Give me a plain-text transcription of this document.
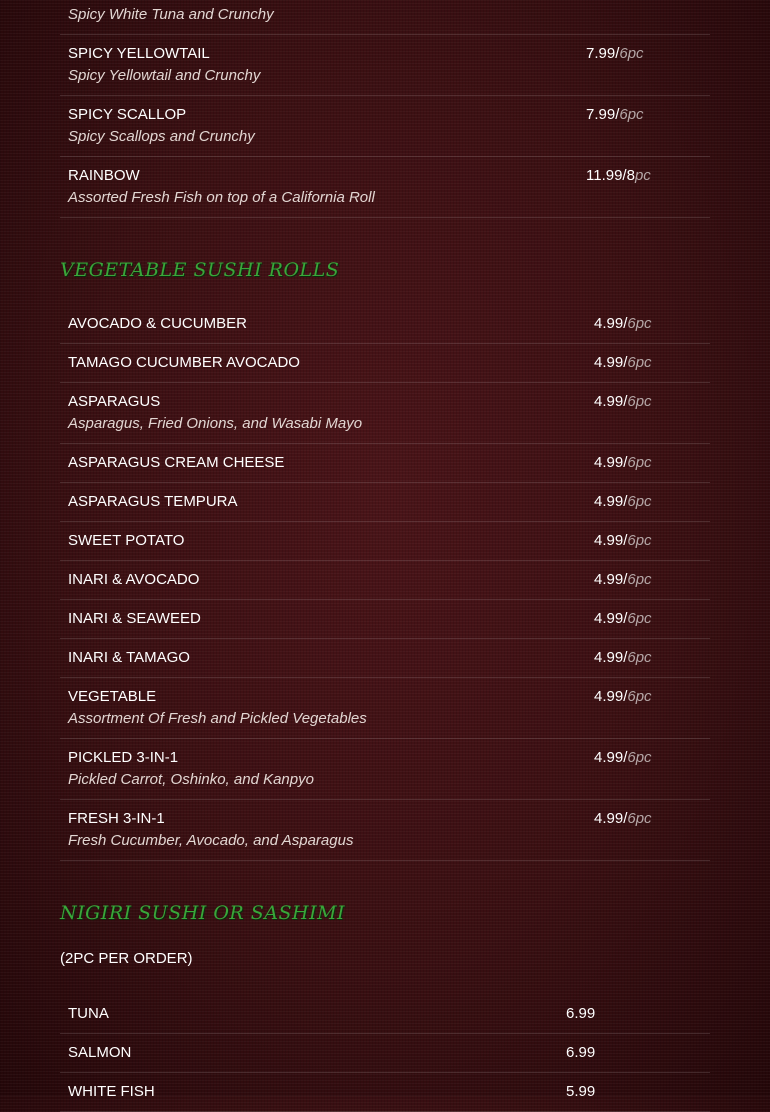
Spicy White Tuna and Crunchy
SPICY YELLOWTAIL
Spicy Yellowtail and Crunchy
7.99/6pc
SPICY SCALLOP
Spicy Scallops and Crunchy
7.99/6pc
RAINBOW
Assorted Fresh Fish on top of a California Roll
11.99/8pc
VEGETABLE SUSHI ROLLS
AVOCADO & CUCUMBER	4.99/6pc
TAMAGO CUCUMBER AVOCADO	4.99/6pc
ASPARAGUS
Asparagus, Fried Onions, and Wasabi Mayo
4.99/6pc
ASPARAGUS CREAM CHEESE	4.99/6pc
ASPARAGUS TEMPURA	4.99/6pc
SWEET POTATO	4.99/6pc
INARI & AVOCADO	4.99/6pc
INARI & SEAWEED	4.99/6pc
INARI & TAMAGO	4.99/6pc
VEGETABLE
Assortment Of Fresh and Pickled Vegetables
4.99/6pc
PICKLED 3-IN-1
Pickled Carrot, Oshinko, and Kanpyo
4.99/6pc
FRESH 3-IN-1
Fresh Cucumber, Avocado, and Asparagus
4.99/6pc
NIGIRI SUSHI OR SASHIMI
(2PC PER ORDER)
TUNA	6.99
SALMON	6.99
WHITE FISH	5.99
